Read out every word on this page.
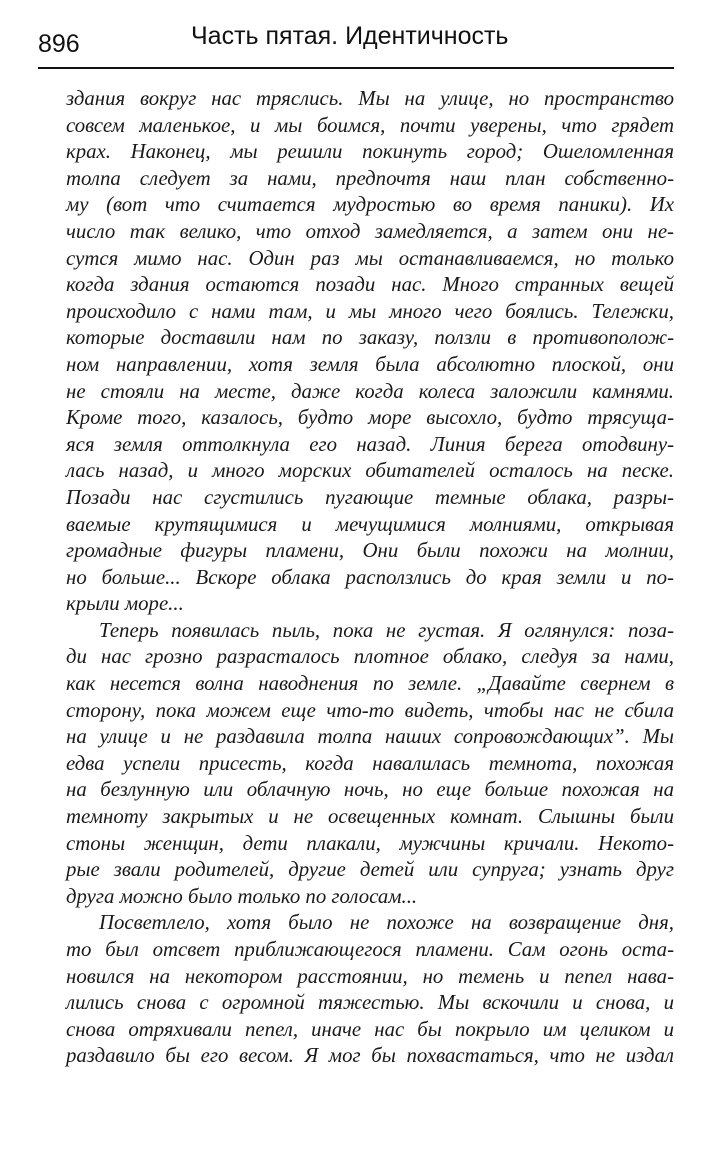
896	Часть пятая. Идентичность
здания вокруг нас тряслись. Мы на улице, но пространство
совсем маленькое, и мы боимся, почти уверены, что грядет
крах. Наконец, мы решили покинуть город; Ошеломленная
толпа следует за нами, предпочтя наш план собственно-
му (вот что считается мудростью во время паники). Их
число так велико, что отход замедляется, а затем они не-
сутся мимо нас. Один раз мы останавливаемся, но только
когда здания остаются позади нас. Много странных вещей
происходило с нами там, и мы много чего боялись. Тележки,
которые доставили нам по заказу, ползли в противополож-
ном направлении, хотя земля была абсолютно плоской, они
не стояли на месте, даже когда колеса заложили камнями.
Кроме того, казалось, будто море высохло, будто трясуща-
яся земля оттолкнула его назад. Линия берега отодвину-
лась назад, и много морских обитателей осталось на песке.
Позади нас сгустились пугающие темные облака, разры-
ваемые крутящимися и мечущимися молниями, открывая
громадные фигуры пламени, Они были похожи на молнии,
но больше... Вскоре облака расползлись до края земли и по-
крыли море...
Теперь появилась пыль, пока не густая. Я оглянулся: поза-
ди нас грозно разрасталось плотное облако, следуя за нами,
как несется волна наводнения по земле. „Давайте свернем в
сторону, пока можем еще что-то видеть, чтобы нас не сбила
на улице и не раздавила толпа наших сопровождающих”. Мы
едва успели присесть, когда навалилась темнота, похожая
на безлунную или облачную ночь, но еще больше похожая на
темноту закрытых и не освещенных комнат. Слышны были
стоны женщин, дети плакали, мужчины кричали. Некото-
рые звали родителей, другие детей или супруга; узнать друг
друга можно было только по голосам...
Посветлело, хотя было не похоже на возвращение дня,
то был отсвет приближающегося пламени. Сам огонь оста-
новился на некотором расстоянии, но темень и пепел нава-
лились снова с огромной тяжестью. Мы вскочили и снова, и
снова отряхивали пепел, иначе нас бы покрыло им целиком и
раздавило бы его весом. Я мог бы похвастаться, что не издал
